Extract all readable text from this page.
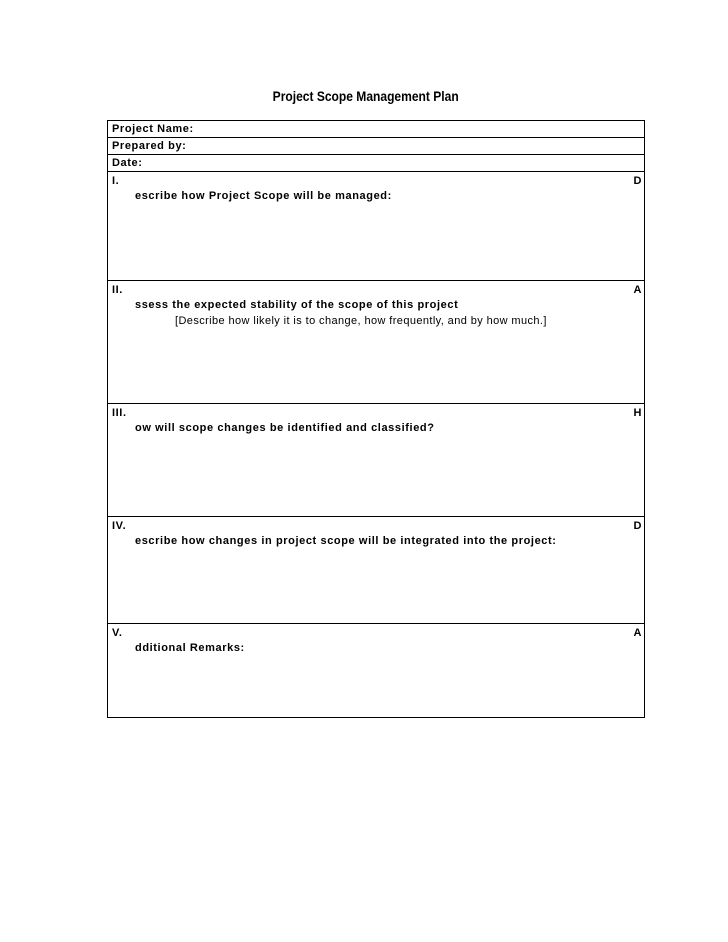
Project Scope Management Plan
Project Name:
Prepared by:
Date:
I.	D
escribe how Project Scope will be managed:
II.	A
ssess the expected stability of the scope of this project
[Describe how likely it is to change, how frequently, and by how much.]
III.	H
ow will scope changes be identified and classified?
IV.	D
escribe how changes in project scope will be integrated into the project:
V.	A
dditional Remarks:
